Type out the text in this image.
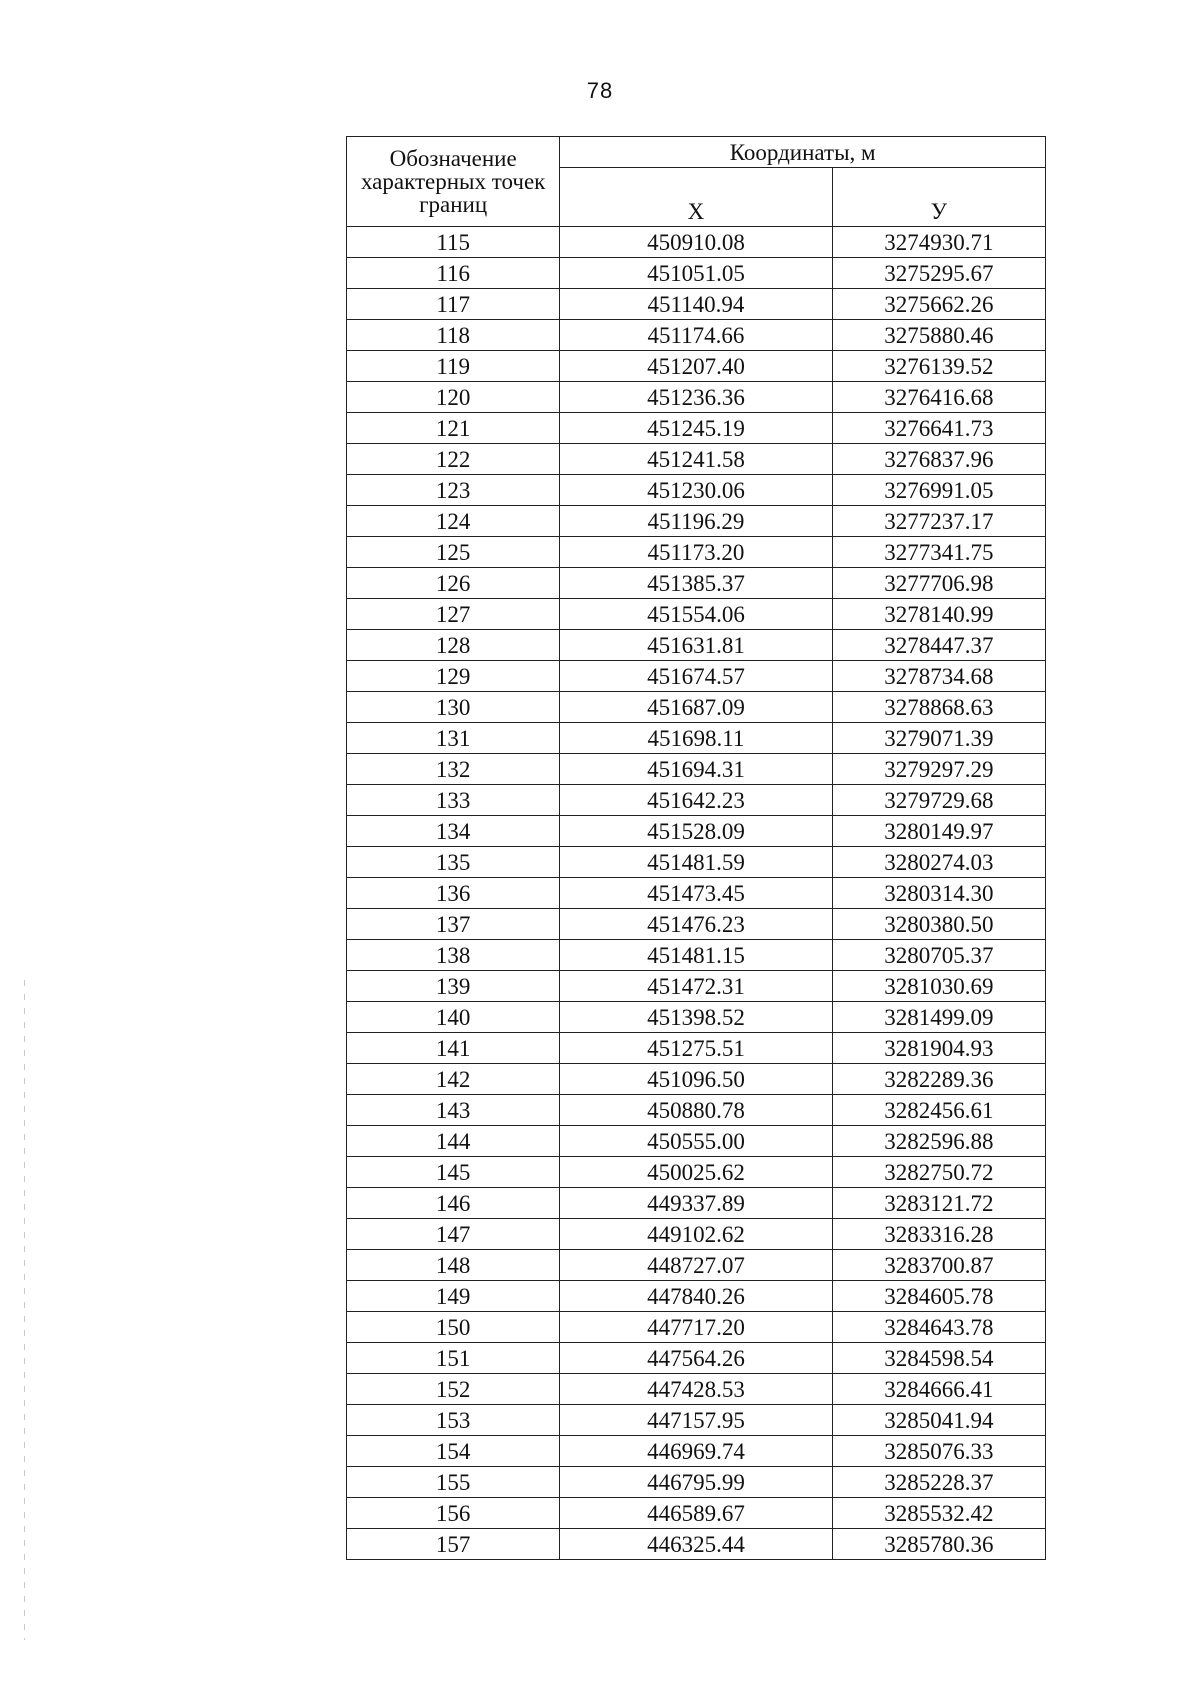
78
Обозначение характерных точек границ	Координаты, м	
	X	У
115	450910.08	3274930.71
116	451051.05	3275295.67
117	451140.94	3275662.26
118	451174.66	3275880.46
119	451207.40	3276139.52
120	451236.36	3276416.68
121	451245.19	3276641.73
122	451241.58	3276837.96
123	451230.06	3276991.05
124	451196.29	3277237.17
125	451173.20	3277341.75
126	451385.37	3277706.98
127	451554.06	3278140.99
128	451631.81	3278447.37
129	451674.57	3278734.68
130	451687.09	3278868.63
131	451698.11	3279071.39
132	451694.31	3279297.29
133	451642.23	3279729.68
134	451528.09	3280149.97
135	451481.59	3280274.03
136	451473.45	3280314.30
137	451476.23	3280380.50
138	451481.15	3280705.37
139	451472.31	3281030.69
140	451398.52	3281499.09
141	451275.51	3281904.93
142	451096.50	3282289.36
143	450880.78	3282456.61
144	450555.00	3282596.88
145	450025.62	3282750.72
146	449337.89	3283121.72
147	449102.62	3283316.28
148	448727.07	3283700.87
149	447840.26	3284605.78
150	447717.20	3284643.78
151	447564.26	3284598.54
152	447428.53	3284666.41
153	447157.95	3285041.94
154	446969.74	3285076.33
155	446795.99	3285228.37
156	446589.67	3285532.42
157	446325.44	3285780.36
